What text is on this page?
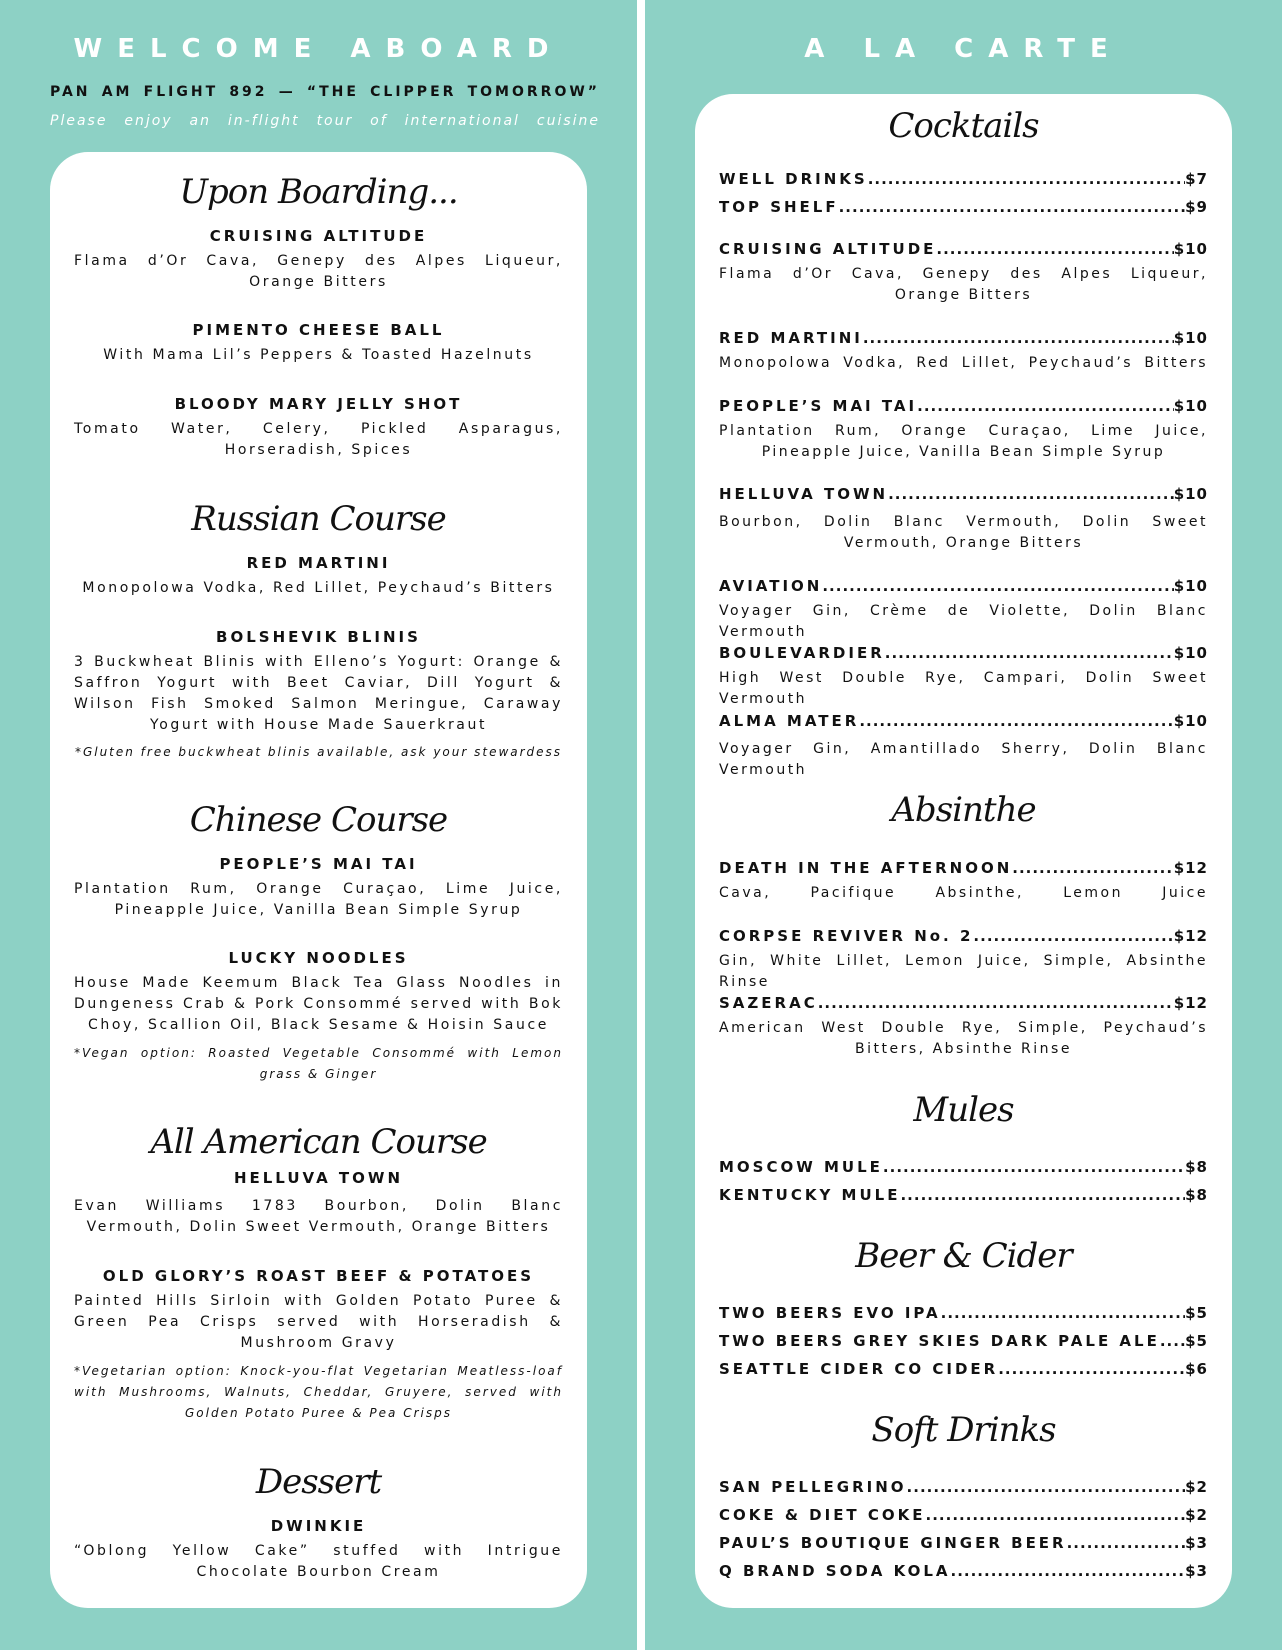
WELCOME ABOARD
PAN AM FLIGHT 892 — “THE CLIPPER TOMORROW”
Please enjoy an in-flight tour of international cuisine
Upon Boarding...
CRUISING ALTITUDE
Flama d’Or Cava, Genepy des Alpes Liqueur, Orange Bitters
PIMENTO CHEESE BALL
With Mama Lil’s Peppers & Toasted Hazelnuts
BLOODY MARY JELLY SHOT
Tomato Water, Celery, Pickled Asparagus, Horseradish, Spices
Russian Course
RED MARTINI
Monopolowa Vodka, Red Lillet, Peychaud’s Bitters
BOLSHEVIK BLINIS
3 Buckwheat Blinis with Elleno’s Yogurt: Orange & Saffron Yogurt with Beet Caviar, Dill Yogurt & Wilson Fish Smoked Salmon Meringue, Caraway Yogurt with House Made Sauerkraut
*Gluten free buckwheat blinis available, ask your stewardess
Chinese Course
PEOPLE’S MAI TAI
Plantation Rum, Orange Curaçao, Lime Juice, Pineapple Juice, Vanilla Bean Simple Syrup
LUCKY NOODLES
House Made Keemum Black Tea Glass Noodles in Dungeness Crab & Pork Consommé served with Bok Choy, Scallion Oil, Black Sesame & Hoisin Sauce
*Vegan option: Roasted Vegetable Consommé with Lemon grass & Ginger
All American Course
HELLUVA TOWN
Evan Williams 1783 Bourbon, Dolin Blanc Vermouth, Dolin Sweet Vermouth, Orange Bitters
OLD GLORY’S ROAST BEEF & POTATOES
Painted Hills Sirloin with Golden Potato Puree & Green Pea Crisps served with Horseradish & Mushroom Gravy
*Vegetarian option: Knock-you-flat Vegetarian Meatless-loaf with Mushrooms, Walnuts, Cheddar, Gruyere, served with Golden Potato Puree & Pea Crisps
Dessert
DWINKIE
“Oblong Yellow Cake” stuffed with Intrigue Chocolate Bourbon Cream
A LA CARTE
Cocktails
WELL DRINKS .....	$7
TOP SHELF .....	$9
CRUISING ALTITUDE .....	$10
Flama d’Or Cava, Genepy des Alpes Liqueur, Orange Bitters
RED MARTINI .....	$10
Monopolowa Vodka, Red Lillet, Peychaud’s Bitters
PEOPLE’S MAI TAI .....	$10
Plantation Rum, Orange Curaçao, Lime Juice, Pineapple Juice, Vanilla Bean Simple Syrup
HELLUVA TOWN .....	$10
Bourbon, Dolin Blanc Vermouth, Dolin Sweet Vermouth, Orange Bitters
AVIATION .....	$10
Voyager Gin, Crème de Violette, Dolin Blanc Vermouth
BOULEVARDIER .....	$10
High West Double Rye, Campari, Dolin Sweet Vermouth
ALMA MATER .....	$10
Voyager Gin, Amantillado Sherry, Dolin Blanc Vermouth
Absinthe
DEATH IN THE AFTERNOON .....	$12
Cava, Pacifique Absinthe, Lemon Juice
CORPSE REVIVER No. 2 .....	$12
Gin, White Lillet, Lemon Juice, Simple, Absinthe Rinse
SAZERAC .....	$12
American West Double Rye, Simple, Peychaud’s Bitters, Absinthe Rinse
Mules
MOSCOW MULE .....	$8
KENTUCKY MULE .....	$8
Beer & Cider
TWO BEERS EVO IPA .....	$5
TWO BEERS GREY SKIES DARK PALE ALE ..... $5
SEATTLE CIDER CO CIDER .....	$6
Soft Drinks
SAN PELLEGRINO .....	$2
COKE & DIET COKE .....	$2
PAUL’S BOUTIQUE GINGER BEER .....	$3
Q BRAND SODA KOLA .....	$3
